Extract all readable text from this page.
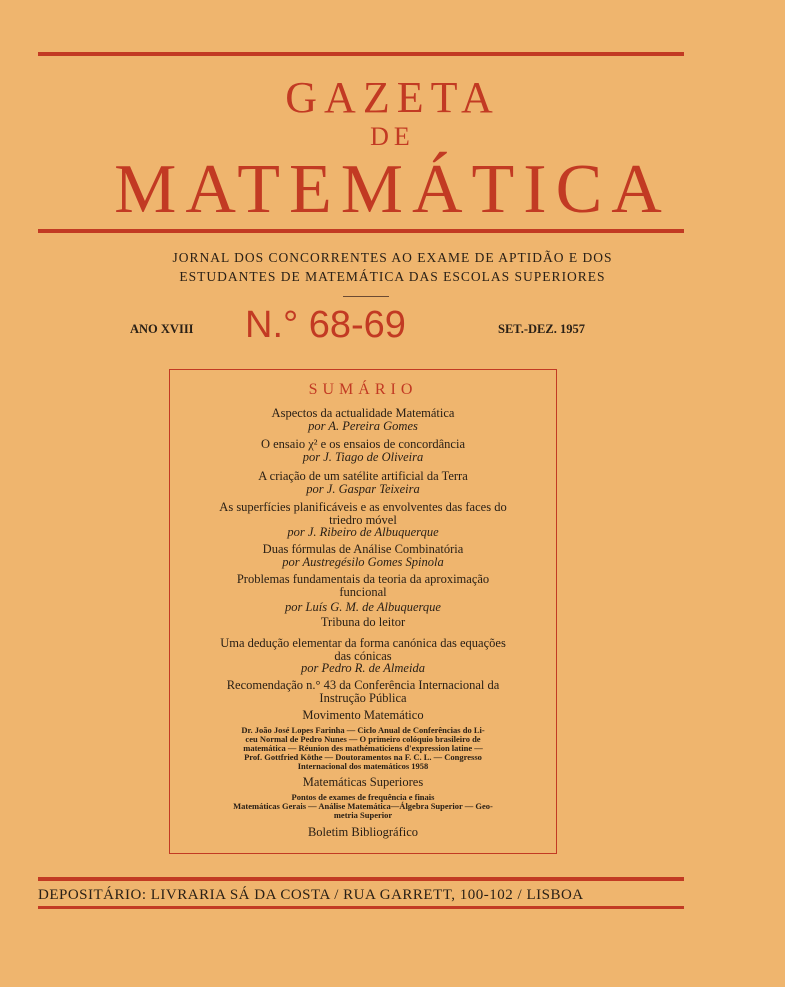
GAZETA
DE
MATEMÁTICA
JORNAL DOS CONCORRENTES AO EXAME DE APTIDÃO E DOS
ESTUDANTES DE MATEMÁTICA DAS ESCOLAS SUPERIORES
ANO XVIII N.° 68-69	SET.-DEZ. 1957
SUMÁRIO
Aspectos da actualidade Matemática
por A. Pereira Gomes
O ensaio χ² e os ensaios de concordância
por J. Tiago de Oliveira
A criação de um satélite artificial da Terra
por J. Gaspar Teixeira
As superfícies planificáveis e as envolventes das faces do
triedro móvel
por J. Ribeiro de Albuquerque
Duas fórmulas de Análise Combinatória
por Austregésilo Gomes Spinola
Problemas fundamentais da teoria da aproximação
funcional
por Luís G. M. de Albuquerque
Tribuna do leitor
Uma dedução elementar da forma canónica das equações
das cónicas
por Pedro R. de Almeida
Recomendação n.° 43 da Conferência Internacional da
Instrução Pública
Movimento Matemático
Dr. João José Lopes Farinha — Ciclo Anual de Conferências do Li-
ceu Normal de Pedro Nunes — O primeiro colóquio brasileiro de
matemática — Réunion des mathématiciens d'expression latine —
Prof. Gottfried Köthe — Doutoramentos na F. C. L. — Congresso
Internacional dos matemáticos 1958
Matemáticas Superiores
Pontos de exames de frequência e finais
Matemáticas Gerais — Análise Matemática—Álgebra Superior — Geo-
metria Superior
Boletim Bibliográfico
DEPOSITÁRIO: LIVRARIA SÁ DA COSTA / RUA GARRETT, 100-102 / LISBOA
